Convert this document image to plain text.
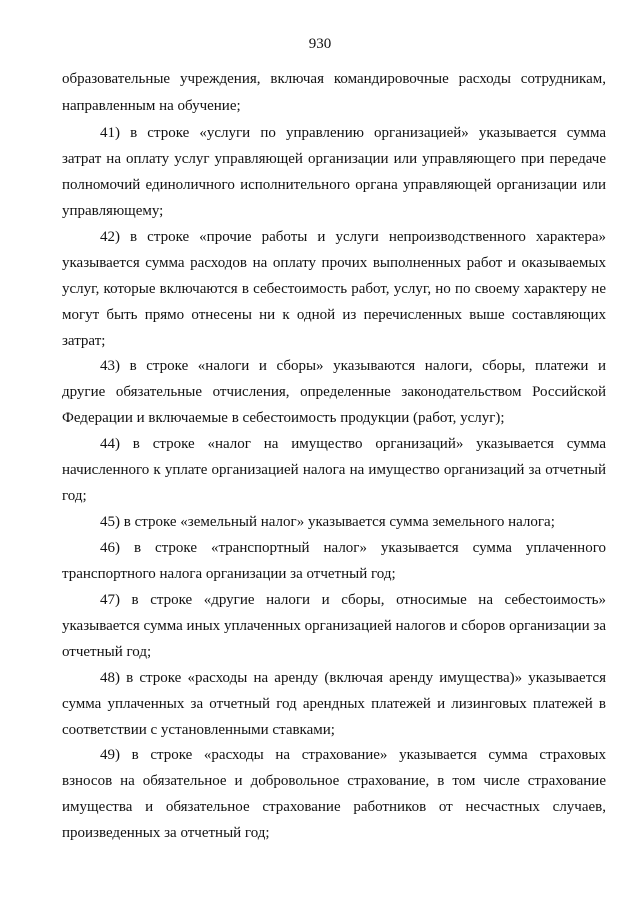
930
образовательные учреждения, включая командировочные расходы сотрудникам,
направленным на обучение;
41) в строке «услуги по управлению организацией» указывается сумма
затрат на оплату услуг управляющей организации или управляющего при передаче
полномочий единоличного исполнительного органа управляющей организации или
управляющему;
42) в строке «прочие работы и услуги непроизводственного характера»
указывается сумма расходов на оплату прочих выполненных работ и оказываемых
услуг, которые включаются в себестоимость работ, услуг, но по своему характеру не
могут быть прямо отнесены ни к одной из перечисленных выше составляющих
затрат;
43) в строке «налоги и сборы» указываются налоги, сборы, платежи и
другие обязательные отчисления, определенные законодательством Российской
Федерации и включаемые в себестоимость продукции (работ, услуг);
44) в строке «налог на имущество организаций» указывается сумма
начисленного к уплате организацией налога на имущество организаций за отчетный
год;
45) в строке «земельный налог» указывается сумма земельного налога;
46) в строке «транспортный налог» указывается сумма уплаченного
транспортного налога организации за отчетный год;
47) в строке «другие налоги и сборы, относимые на себестоимость»
указывается сумма иных уплаченных организацией налогов и сборов организации за
отчетный год;
48) в строке «расходы на аренду (включая аренду имущества)» указывается
сумма уплаченных за отчетный год арендных платежей и лизинговых платежей в
соответствии с установленными ставками;
49) в строке «расходы на страхование» указывается сумма страховых
взносов на обязательное и добровольное страхование, в том числе страхование
имущества и обязательное страхование работников от несчастных случаев,
произведенных за отчетный год;
